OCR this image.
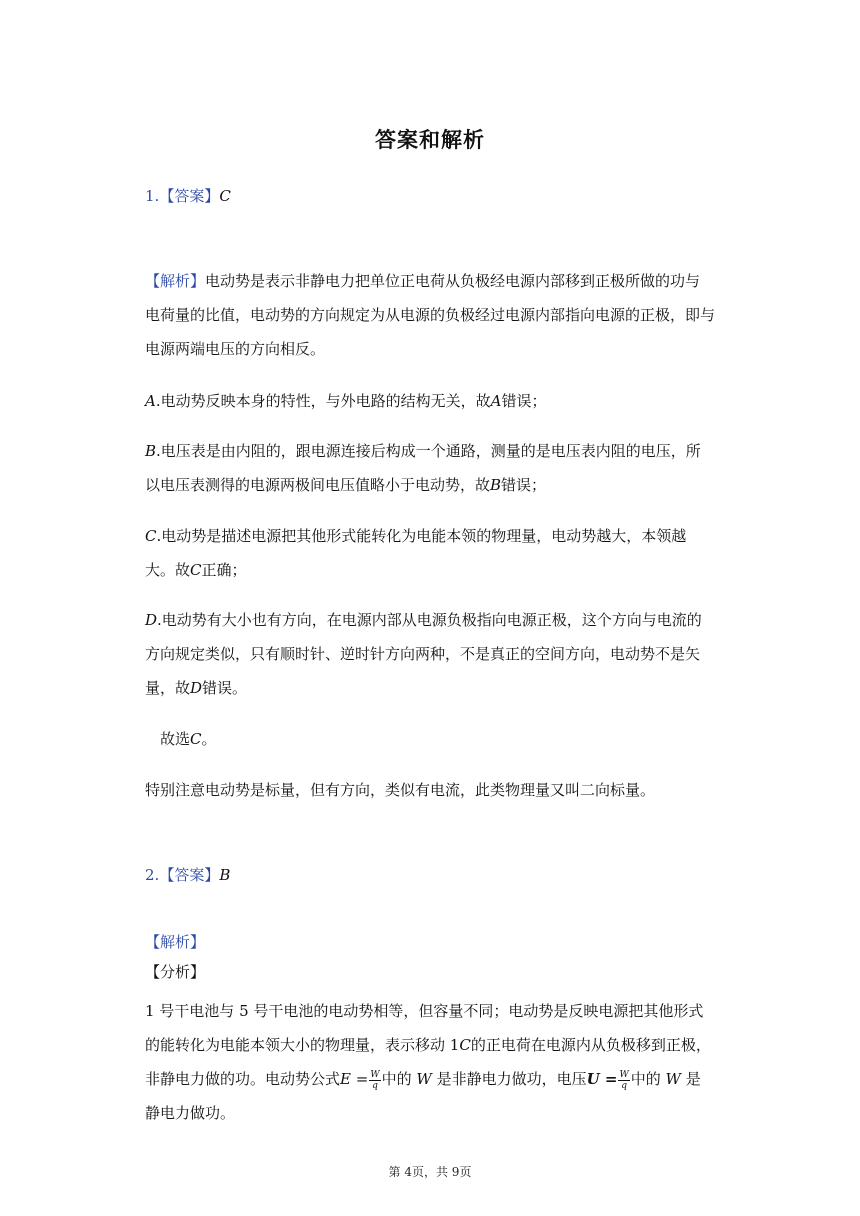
答案和解析
1.【答案】C
【解析】电动势是表示非静电力把单位正电荷从负极经电源内部移到正极所做的功与电荷量的比值，电动势的方向规定为从电源的负极经过电源内部指向电源的正极，即与电源两端电压的方向相反。
A.电动势反映本身的特性，与外电路的结构无关，故A错误；
B.电压表是由内阻的，跟电源连接后构成一个通路，测量的是电压表内阻的电压，所以电压表测得的电源两极间电压值略小于电动势，故B错误；
C.电动势是描述电源把其他形式能转化为电能本领的物理量，电动势越大，本领越大。故C正确；
D.电动势有大小也有方向，在电源内部从电源负极指向电源正极，这个方向与电流的方向规定类似，只有顺时针、逆时针方向两种，不是真正的空间方向，电动势不是矢量，故D错误。
故选C。
特别注意电动势是标量，但有方向，类似有电流，此类物理量又叫二向标量。
2.【答案】B
【解析】
【分析】
1 号干电池与 5 号干电池的电动势相等，但容量不同；电动势是反映电源把其他形式的能转化为电能本领大小的物理量，表示移动 1C的正电荷在电源内从负极移到正极，非静电力做的功。电动势公式$E = \frac{W}{q}$ 中的 W 是非静电力做功，电压$U = \frac{W}{q}$ 中的 W 是静电力做功。
第 4页，共 9页
